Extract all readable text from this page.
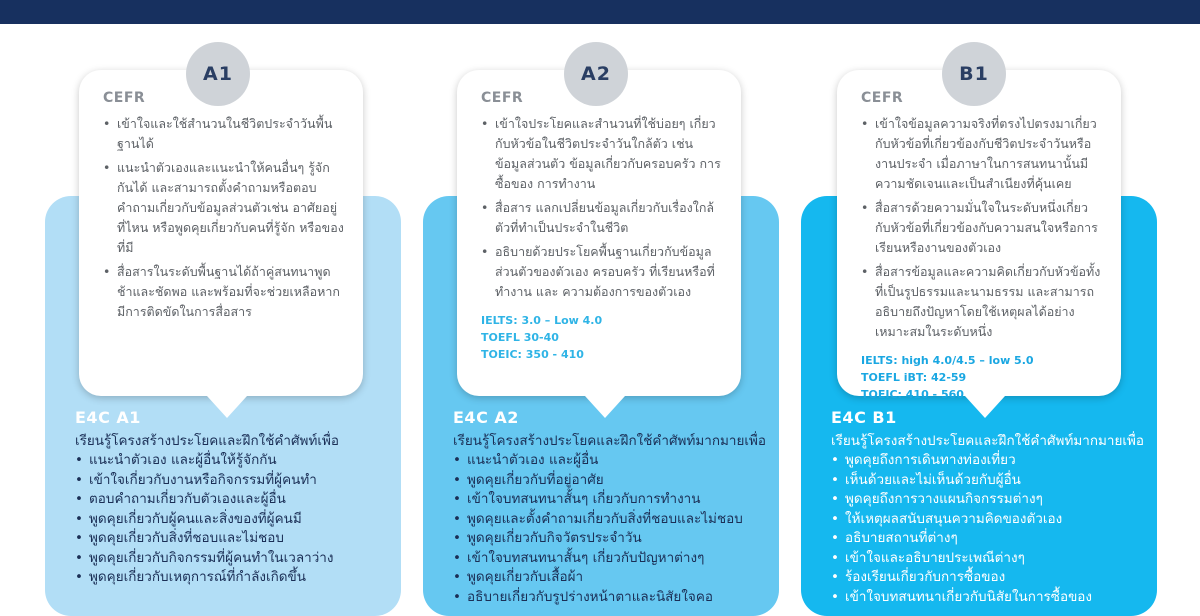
A1
CEFR
• เข้าใจและใช้สำนวนในชีวิตประจำวันพื้นฐานได้
• แนะนำตัวเองและแนะนำให้คนอื่นๆ รู้จักกันได้ และสามารถตั้งคำถามหรือตอบคำถามเกี่ยวกับข้อมูลส่วนตัวเช่น อาศัยอยู่ที่ไหน หรือพูดคุยเกี่ยวกับคนที่รู้จัก หรือของที่มี
• สื่อสารในระดับพื้นฐานได้ถ้าคู่สนทนาพูดช้าและชัดพอ และพร้อมที่จะช่วยเหลือหากมีการติดขัดในการสื่อสาร
E4C A1
เรียนรู้โครงสร้างประโยคและฝึกใช้คำศัพท์เพื่อ
• แนะนำตัวเอง และผู้อื่นให้รู้จักกัน
• เข้าใจเกี่ยวกับงานหรือกิจกรรมที่ผู้คนทำ
• ตอบคำถามเกี่ยวกับตัวเองและผู้อื่น
• พูดคุยเกี่ยวกับผู้คนและสิ่งของที่ผู้คนมี
• พูดคุยเกี่ยวกับสิ่งที่ชอบและไม่ชอบ
• พูดคุยเกี่ยวกับกิจกรรมที่ผู้คนทำในเวลาว่าง
• พูดคุยเกี่ยวกับเหตุการณ์ที่กำลังเกิดขึ้น
A2
CEFR
• เข้าใจประโยคและสำนวนที่ใช้บ่อยๆ เกี่ยวกับหัวข้อในชีวิตประจำวันใกล้ตัว เช่น ข้อมูลส่วนตัว ข้อมูลเกี่ยวกับครอบครัว การซื้อของ การทำงาน
• สื่อสาร แลกเปลี่ยนข้อมูลเกี่ยวกับเรื่องใกล้ตัวที่ทำเป็นประจำในชีวิต
• อธิบายด้วยประโยคพื้นฐานเกี่ยวกับข้อมูลส่วนตัวของตัวเอง ครอบครัว ที่เรียนหรือที่ทำงาน และ ความต้องการของตัวเอง
IELTS: 3.0 – Low 4.0
TOEFL 30-40
TOEIC: 350 - 410
E4C A2
เรียนรู้โครงสร้างประโยคและฝึกใช้คำศัพท์มากมายเพื่อ
• แนะนำตัวเอง และผู้อื่น
• พูดคุยเกี่ยวกับที่อยู่อาศัย
• เข้าใจบทสนทนาสั้นๆ เกี่ยวกับการทำงาน
• พูดคุยและตั้งคำถามเกี่ยวกับสิ่งที่ชอบและไม่ชอบ
• พูดคุยเกี่ยวกับกิจวัตรประจำวัน
• เข้าใจบทสนทนาสั้นๆ เกี่ยวกับปัญหาต่างๆ
• พูดคุยเกี่ยวกับเสื้อผ้า
• อธิบายเกี่ยวกับรูปร่างหน้าตาและนิสัยใจคอ
B1
CEFR
• เข้าใจข้อมูลความจริงที่ตรงไปตรงมาเกี่ยวกับหัวข้อที่เกี่ยวข้องกับชีวิตประจำวันหรืองานประจำ เมื่อภาษาในการสนทนานั้นมีความชัดเจนและเป็นสำเนียงที่คุ้นเคย
• สื่อสารด้วยความมั่นใจในระดับหนึ่งเกี่ยวกับหัวข้อที่เกี่ยวข้องกับความสนใจหรือการเรียนหรืองานของตัวเอง
• สื่อสารข้อมูลและความคิดเกี่ยวกับหัวข้อทั้งที่เป็นรูปธรรมและนามธรรม และสามารถอธิบายถึงปัญหาโดยใช้เหตุผลได้อย่างเหมาะสมในระดับหนึ่ง
IELTS: high 4.0/4.5 – low 5.0
TOEFL iBT: 42-59
TOEIC: 410 - 560
E4C B1
เรียนรู้โครงสร้างประโยคและฝึกใช้คำศัพท์มากมายเพื่อ
• พูดคุยถึงการเดินทางท่องเที่ยว
• เห็นด้วยและไม่เห็นด้วยกับผู้อื่น
• พูดคุยถึงการวางแผนกิจกรรมต่างๆ
• ให้เหตุผลสนับสนุนความคิดของตัวเอง
• อธิบายสถานที่ต่างๆ
• เข้าใจและอธิบายประเพณีต่างๆ
• ร้องเรียนเกี่ยวกับการซื้อของ
• เข้าใจบทสนทนาเกี่ยวกับนิสัยในการซื้อของ
